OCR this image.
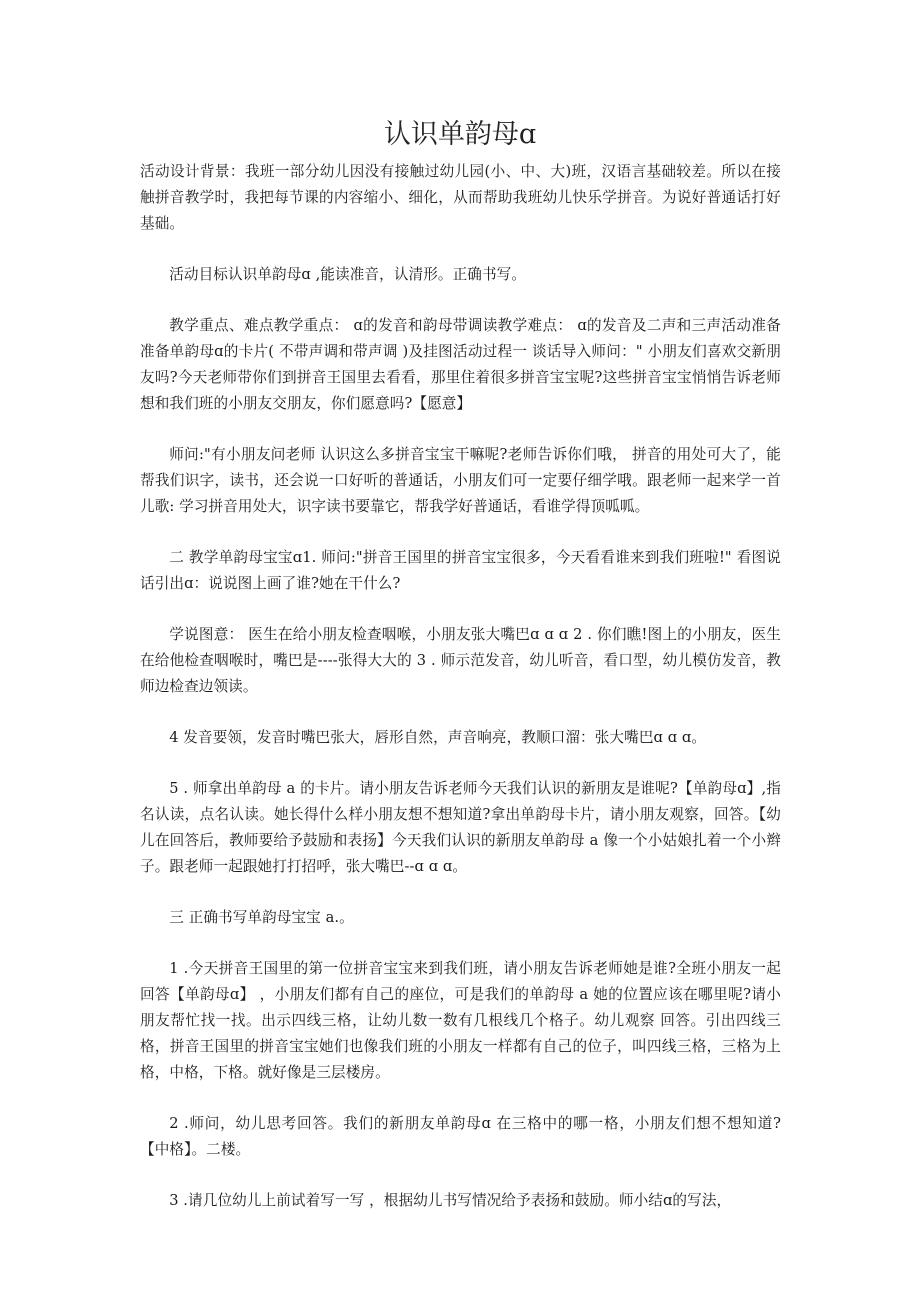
认识单韵母ɑ

活动设计背景：我班一部分幼儿因没有接触过幼儿园(小、中、大)班，汉语言基础较差。所以在接触拼音教学时，我把每节课的内容缩小、细化，从而帮助我班幼儿快乐学拼音。为说好普通话打好基础。

活动目标认识单韵母ɑ ,能读准音，认清形。正确书写。

教学重点、难点教学重点： ɑ的发音和韵母带调读教学难点： ɑ的发音及二声和三声活动准备准备单韵母ɑ的卡片( 不带声调和带声调 )及挂图活动过程一 谈话导入师问：" 小朋友们喜欢交新朋友吗?今天老师带你们到拼音王国里去看看，那里住着很多拼音宝宝呢?这些拼音宝宝悄悄告诉老师想和我们班的小朋友交朋友，你们愿意吗?【愿意】

师问:"有小朋友问老师 认识这么多拼音宝宝干嘛呢?老师告诉你们哦， 拼音的用处可大了，能帮我们识字，读书，还会说一口好听的普通话，小朋友们可一定要仔细学哦。跟老师一起来学一首儿歌: 学习拼音用处大，识字读书要靠它，帮我学好普通话，看谁学得顶呱呱。

二 教学单韵母宝宝ɑ1. 师问:"拼音王国里的拼音宝宝很多，今天看看谁来到我们班啦!" 看图说话引出ɑ：说说图上画了谁?她在干什么?

学说图意： 医生在给小朋友检查咽喉，小朋友张大嘴巴ɑ ɑ ɑ 2 . 你们瞧!图上的小朋友，医生在给他检查咽喉时，嘴巴是----张得大大的 3 . 师示范发音，幼儿听音，看口型，幼儿模仿发音，教师边检查边领读。

4 发音要领，发音时嘴巴张大，唇形自然，声音响亮，教顺口溜：张大嘴巴ɑ ɑ ɑ。

5 . 师拿出单韵母 a 的卡片。请小朋友告诉老师今天我们认识的新朋友是谁呢?【单韵母ɑ】,指名认读，点名认读。她长得什么样小朋友想不想知道?拿出单韵母卡片，请小朋友观察，回答。【幼儿在回答后，教师要给予鼓励和表扬】今天我们认识的新朋友单韵母 a 像一个小姑娘扎着一个小辫子。跟老师一起跟她打打招呼，张大嘴巴--ɑ ɑ ɑ。

三 正确书写单韵母宝宝 a.。

1 .今天拼音王国里的第一位拼音宝宝来到我们班，请小朋友告诉老师她是谁?全班小朋友一起回答【单韵母ɑ】 ，小朋友们都有自己的座位，可是我们的单韵母 a 她的位置应该在哪里呢?请小朋友帮忙找一找。出示四线三格，让幼儿数一数有几根线几个格子。幼儿观察 回答。引出四线三格，拼音王国里的拼音宝宝她们也像我们班的小朋友一样都有自己的位子，叫四线三格，三格为上格，中格，下格。就好像是三层楼房。

2 .师问，幼儿思考回答。我们的新朋友单韵母ɑ 在三格中的哪一格，小朋友们想不想知道?【中格】。二楼。

3 .请几位幼儿上前试着写一写 ，根据幼儿书写情况给予表扬和鼓励。师小结ɑ的写法，
